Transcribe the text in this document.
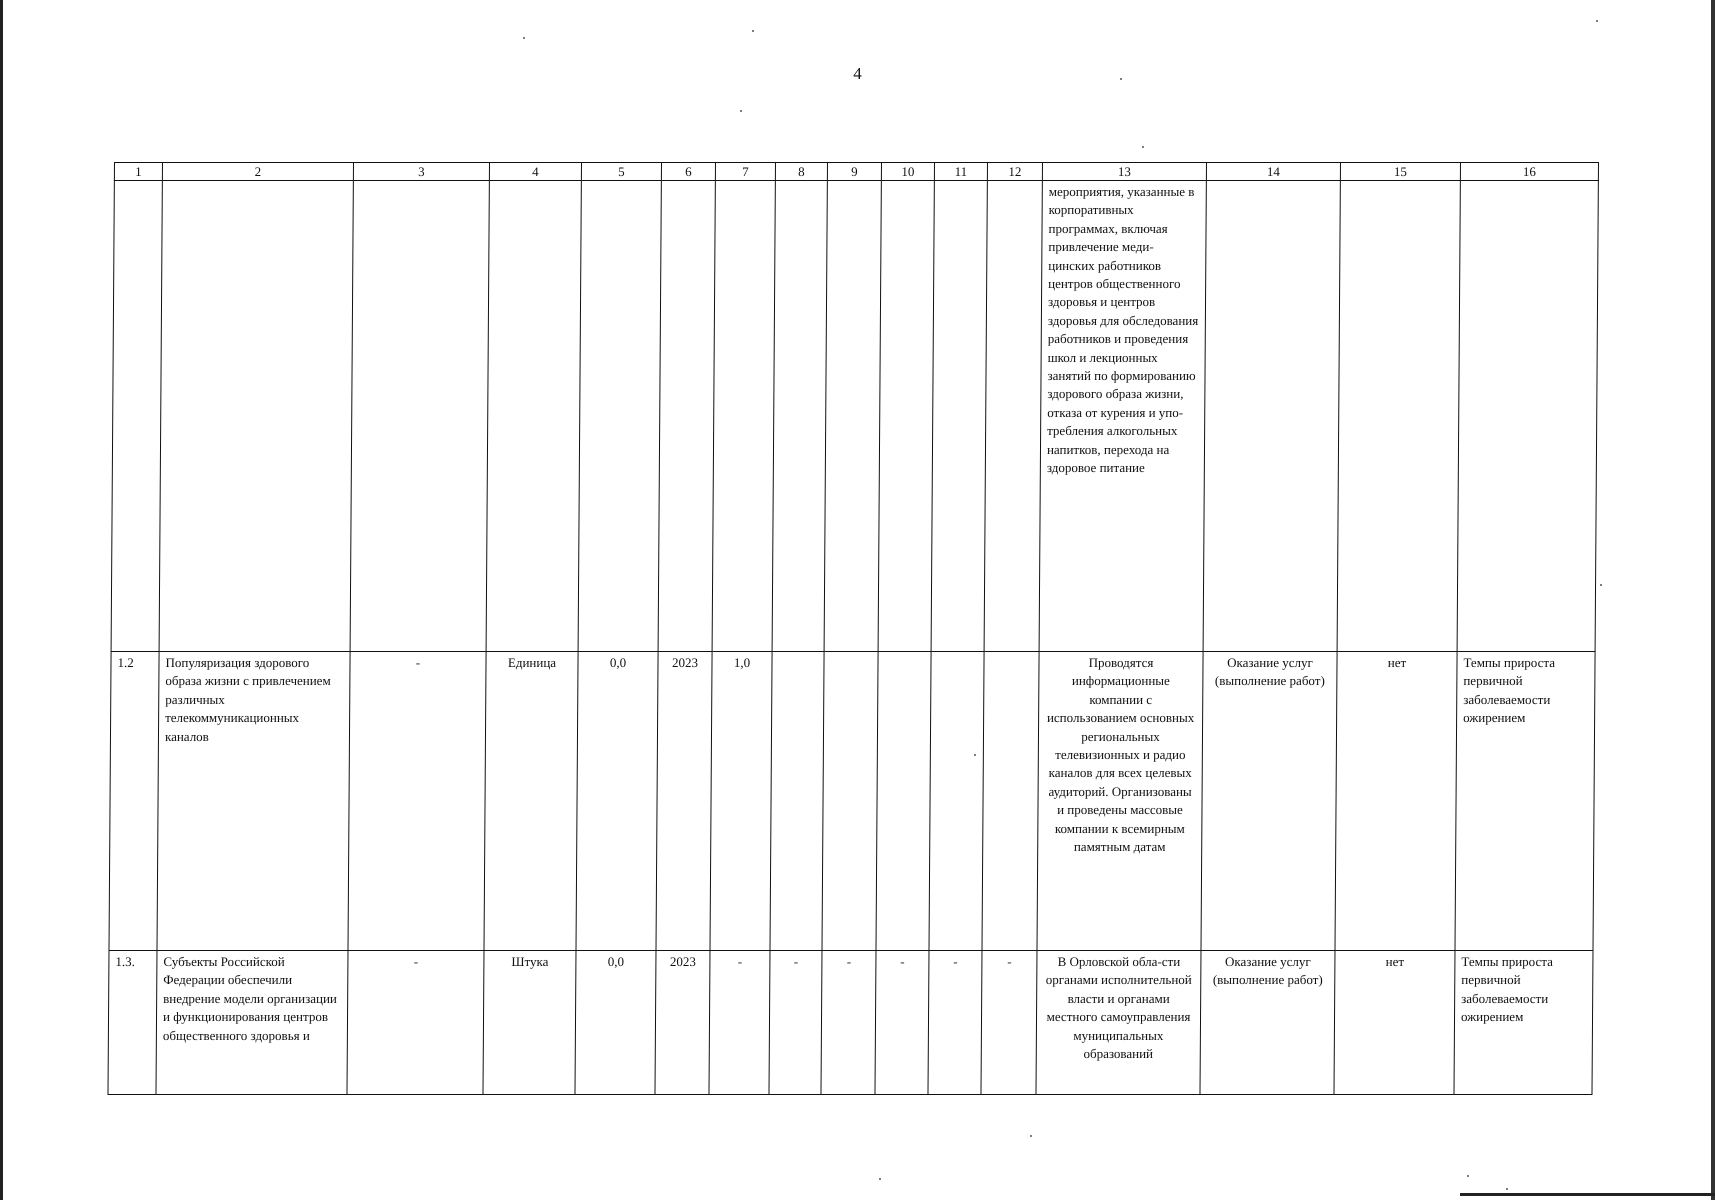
4
1	2	3	4	5	6	7	8	9	10	11	12	13	14	15	16
												мероприятия, указанные в корпоративных программах, включая привлечение меди-цинских работников центров общественного здоровья и центров здоровья для обследования работников и проведения школ и лекционных занятий по формированию здорового образа жизни, отказа от курения и упо-требления алкогольных напитков, перехода на здоровое питание			
1.2	Популяризация здорового образа жизни с привлечением различных телекоммуникационных каналов	-	Единица	0,0	2023	1,0						Проводятся информационные компании с использованием основных региональных телевизионных и радио каналов для всех целевых аудиторий. Организованы и проведены массовые компании к всемирным памятным датам	Оказание услуг (выполнение работ)	нет	Темпы прироста первичной заболеваемости ожирением
1.3.	Субъекты Российской Федерации обеспечили внедрение модели организации и функционирования центров общественного здоровья и	-	Штука	0,0	2023	-	-	-	-	-	-	В Орловской обла-сти органами исполнительной власти и органами местного самоуправления муниципальных образований	Оказание услуг (выполнение работ)	нет	Темпы прироста первичной заболеваемости ожирением
